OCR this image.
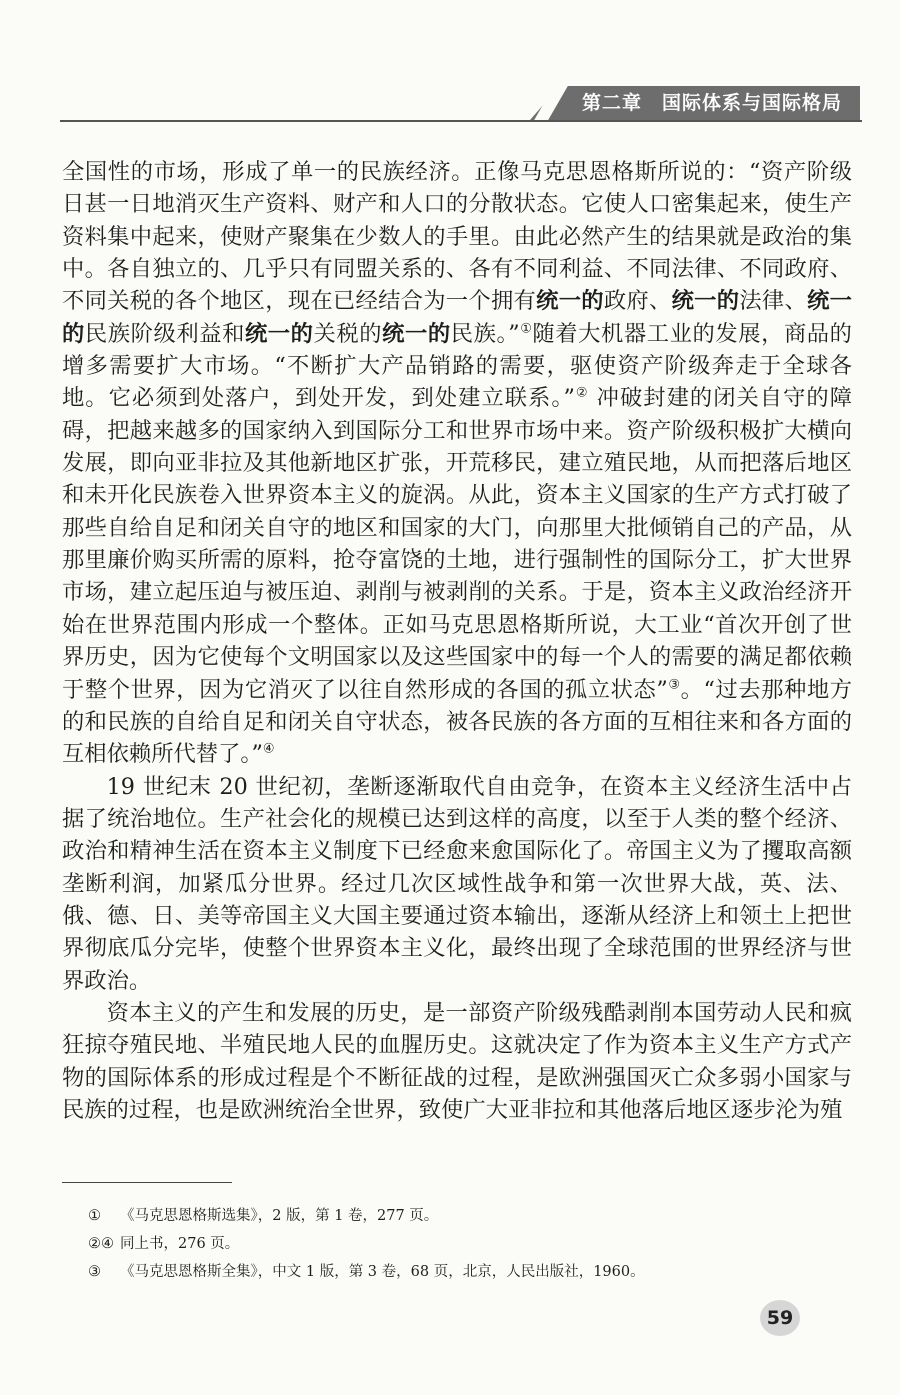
第二章　国际体系与国际格局

全国性的市场，形成了单一的民族经济。正像马克思恩格斯所说的：“资产阶级日甚一日地消灭生产资料、财产和人口的分散状态。它使人口密集起来，使生产资料集中起来，使财产聚集在少数人的手里。由此必然产生的结果就是政治的集中。各自独立的、几乎只有同盟关系的、各有不同利益、不同法律、不同政府、不同关税的各个地区，现在已经结合为一个拥有统一的政府、统一的法律、统一的民族阶级利益和统一的关税的统一的民族。”①随着大机器工业的发展，商品的增多需要扩大市场。“不断扩大产品销路的需要，驱使资产阶级奔走于全球各地。它必须到处落户，到处开发，到处建立联系。”② 冲破封建的闭关自守的障碍，把越来越多的国家纳入到国际分工和世界市场中来。资产阶级积极扩大横向发展，即向亚非拉及其他新地区扩张，开荒移民，建立殖民地，从而把落后地区和未开化民族卷入世界资本主义的旋涡。从此，资本主义国家的生产方式打破了那些自给自足和闭关自守的地区和国家的大门，向那里大批倾销自己的产品，从那里廉价购买所需的原料，抢夺富饶的土地，进行强制性的国际分工，扩大世界市场，建立起压迫与被压迫、剥削与被剥削的关系。于是，资本主义政治经济开始在世界范围内形成一个整体。正如马克思恩格斯所说，大工业“首次开创了世界历史，因为它使每个文明国家以及这些国家中的每一个人的需要的满足都依赖于整个世界，因为它消灭了以往自然形成的各国的孤立状态”③。“过去那种地方的和民族的自给自足和闭关自守状态，被各民族的各方面的互相往来和各方面的互相依赖所代替了。”④

19 世纪末 20 世纪初，垄断逐渐取代自由竞争，在资本主义经济生活中占据了统治地位。生产社会化的规模已达到这样的高度，以至于人类的整个经济、政治和精神生活在资本主义制度下已经愈来愈国际化了。帝国主义为了攫取高额垄断利润，加紧瓜分世界。经过几次区域性战争和第一次世界大战，英、法、俄、德、日、美等帝国主义大国主要通过资本输出，逐渐从经济上和领土上把世界彻底瓜分完毕，使整个世界资本主义化，最终出现了全球范围的世界经济与世界政治。

资本主义的产生和发展的历史，是一部资产阶级残酷剥削本国劳动人民和疯狂掠夺殖民地、半殖民地人民的血腥历史。这就决定了作为资本主义生产方式产物的国际体系的形成过程是个不断征战的过程，是欧洲强国灭亡众多弱小国家与民族的过程，也是欧洲统治全世界，致使广大亚非拉和其他落后地区逐步沦为殖

① 《马克思恩格斯选集》，2 版，第 1 卷，277 页。
②④ 同上书，276 页。
③ 《马克思恩格斯全集》，中文 1 版，第 3 卷，68 页，北京，人民出版社，1960。
59
